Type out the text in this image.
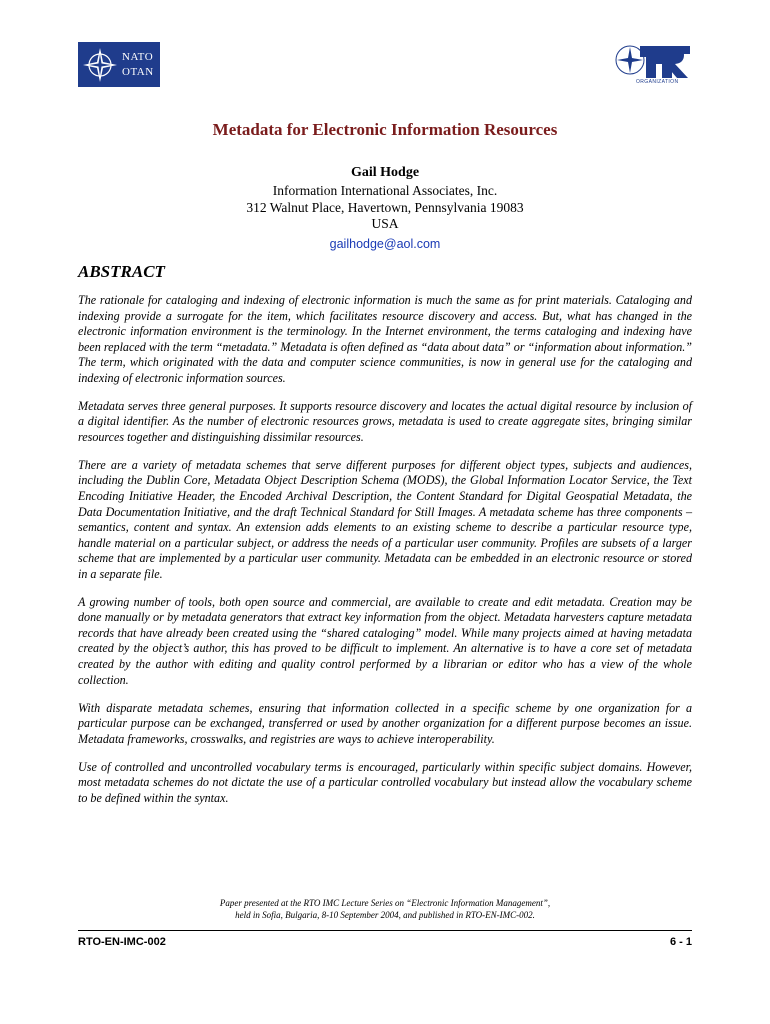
NATO
OTAN
ORGANIZATION
Metadata for Electronic Information Resources
Gail Hodge
Information International Associates, Inc.
312 Walnut Place, Havertown, Pennsylvania 19083
USA
gailhodge@aol.com
ABSTRACT

The rationale for cataloging and indexing of electronic information is much the same as for print materials. Cataloging and indexing provide a surrogate for the item, which facilitates resource discovery and access. But, what has changed in the electronic information environment is the terminology. In the Internet environment, the terms cataloging and indexing have been replaced with the term “metadata.” Metadata is often defined as “data about data” or “information about information.” The term, which originated with the data and computer science communities, is now in general use for the cataloging and indexing of electronic information sources.

Metadata serves three general purposes. It supports resource discovery and locates the actual digital resource by inclusion of a digital identifier. As the number of electronic resources grows, metadata is used to create aggregate sites, bringing similar resources together and distinguishing dissimilar resources.

There are a variety of metadata schemes that serve different purposes for different object types, subjects and audiences, including the Dublin Core, Metadata Object Description Schema (MODS), the Global Information Locator Service, the Text Encoding Initiative Header, the Encoded Archival Description, the Content Standard for Digital Geospatial Metadata, the Data Documentation Initiative, and the draft Technical Standard for Still Images. A metadata scheme has three components – semantics, content and syntax. An extension adds elements to an existing scheme to describe a particular resource type, handle material on a particular subject, or address the needs of a particular user community. Profiles are subsets of a larger scheme that are implemented by a particular user community. Metadata can be embedded in an electronic resource or stored in a separate file.

A growing number of tools, both open source and commercial, are available to create and edit metadata. Creation may be done manually or by metadata generators that extract key information from the object. Metadata harvesters capture metadata records that have already been created using the “shared cataloging” model. While many projects aimed at having metadata created by the object’s author, this has proved to be difficult to implement. An alternative is to have a core set of metadata created by the author with editing and quality control performed by a librarian or editor who has a view of the whole collection.

With disparate metadata schemes, ensuring that information collected in a specific scheme by one organization for a particular purpose can be exchanged, transferred or used by another organization for a different purpose becomes an issue. Metadata frameworks, crosswalks, and registries are ways to achieve interoperability.

Use of controlled and uncontrolled vocabulary terms is encouraged, particularly within specific subject domains. However, most metadata schemes do not dictate the use of a particular controlled vocabulary but instead allow the vocabulary scheme to be defined within the syntax.

Paper presented at the RTO IMC Lecture Series on “Electronic Information Management”,
held in Sofia, Bulgaria, 8-10 September 2004, and published in RTO-EN-IMC-002.
RTO-EN-IMC-002	6 - 1
